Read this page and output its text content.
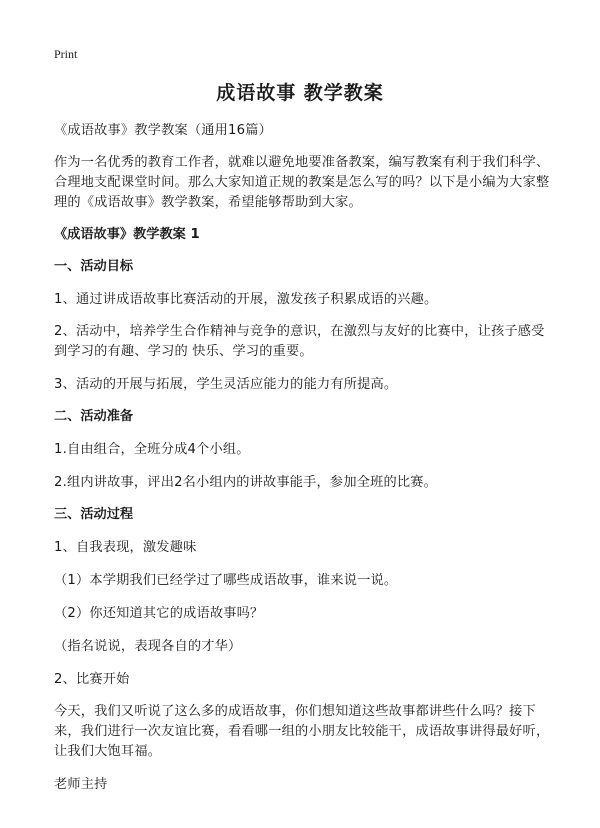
Print
成语故事 教学教案

《成语故事》教学教案（通用16篇）

作为一名优秀的教育工作者，就难以避免地要准备教案，编写教案有利于我们科学、合理地支配课堂时间。那么大家知道正规的教案是怎么写的吗？以下是小编为大家整理的《成语故事》教学教案，希望能够帮助到大家。

《成语故事》教学教案 1

一、活动目标

1、通过讲成语故事比赛活动的开展，激发孩子积累成语的兴趣。

2、活动中，培养学生合作精神与竞争的意识，在激烈与友好的比赛中，让孩子感受到学习的有趣、学习的 快乐、学习的重要。

3、活动的开展与拓展，学生灵活应能力的能力有所提高。

二、活动准备

1.自由组合，全班分成4个小组。

2.组内讲故事，评出2名小组内的讲故事能手，参加全班的比赛。

三、活动过程

1、自我表现，激发趣味

（1）本学期我们已经学过了哪些成语故事，谁来说一说。

（2）你还知道其它的成语故事吗？

（指名说说，表现各自的才华）

2、比赛开始

今天，我们又听说了这么多的成语故事，你们想知道这些故事都讲些什么吗？接下来，我们进行一次友谊比赛，看看哪一组的小朋友比较能干，成语故事讲得最好听，让我们大饱耳福。

老师主持
